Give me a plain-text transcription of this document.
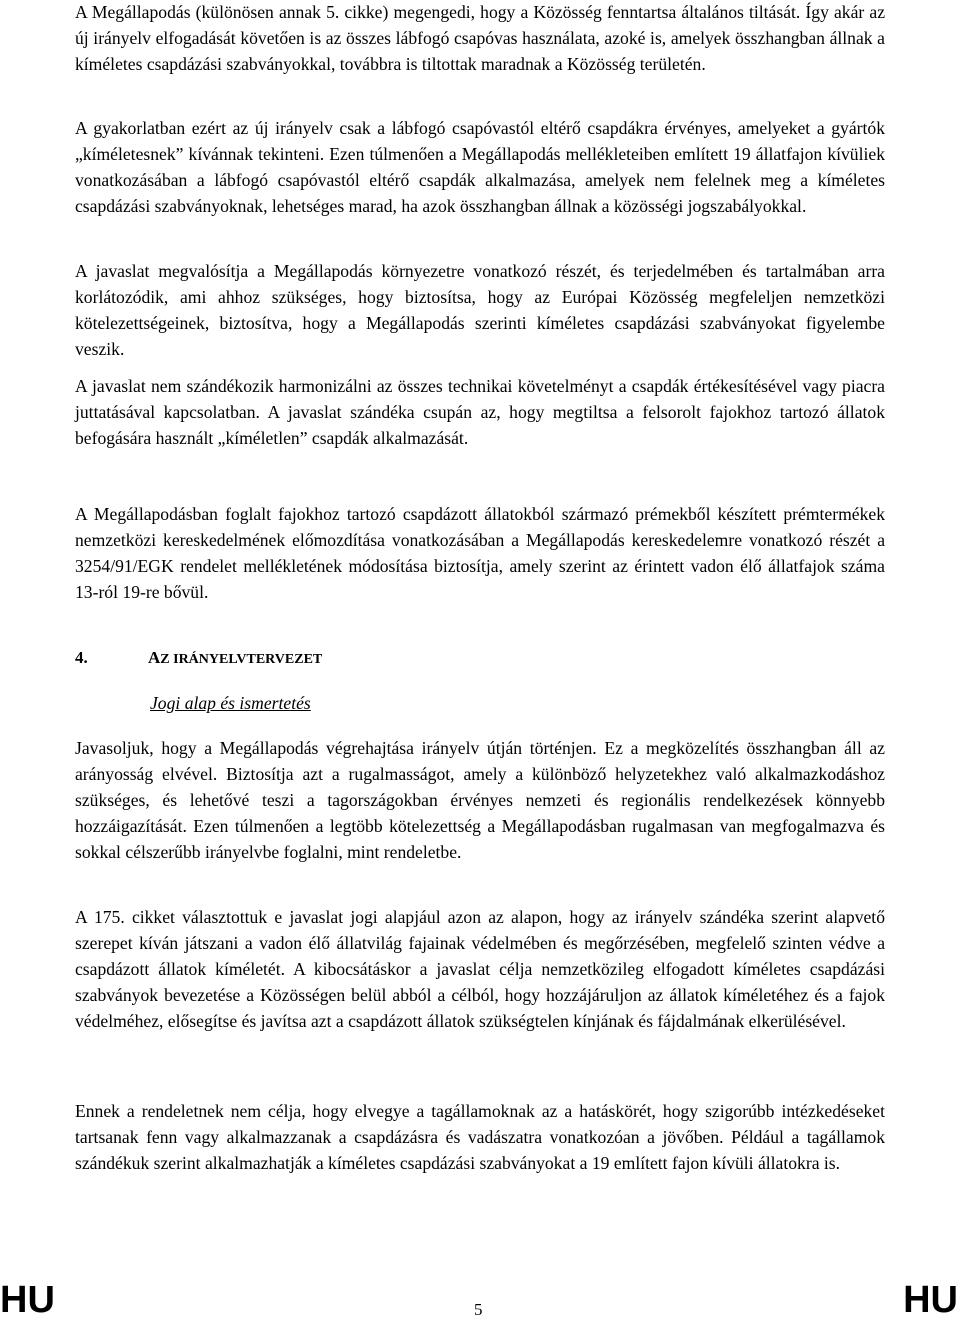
A Megállapodás (különösen annak 5. cikke) megengedi, hogy a Közösség fenntartsa általános tiltását. Így akár az új irányelv elfogadását követően is az összes lábfogó csapóvas használata, azoké is, amelyek összhangban állnak a kíméletes csapdázási szabványokkal, továbbra is tiltottak maradnak a Közösség területén.

A gyakorlatban ezért az új irányelv csak a lábfogó csapóvastól eltérő csapdákra érvényes, amelyeket a gyártók „kíméletesnek” kívánnak tekinteni. Ezen túlmenően a Megállapodás mellékleteiben említett 19 állatfajon kívüliek vonatkozásában a lábfogó csapóvastól eltérő csapdák alkalmazása, amelyek nem felelnek meg a kíméletes csapdázási szabványoknak, lehetséges marad, ha azok összhangban állnak a közösségi jogszabályokkal.

A javaslat megvalósítja a Megállapodás környezetre vonatkozó részét, és terjedelmében és tartalmában arra korlátozódik, ami ahhoz szükséges, hogy biztosítsa, hogy az Európai Közösség megfeleljen nemzetközi kötelezettségeinek, biztosítva, hogy a Megállapodás szerinti kíméletes csapdázási szabványokat figyelembe veszik.

A javaslat nem szándékozik harmonizálni az összes technikai követelményt a csapdák értékesítésével vagy piacra juttatásával kapcsolatban. A javaslat szándéka csupán az, hogy megtiltsa a felsorolt fajokhoz tartozó állatok befogására használt „kíméletlen” csapdák alkalmazását.

A Megállapodásban foglalt fajokhoz tartozó csapdázott állatokból származó prémekből készített prémtermékek nemzetközi kereskedelmének előmozdítása vonatkozásában a Megállapodás kereskedelemre vonatkozó részét a 3254/91/EGK rendelet mellékletének módosítása biztosítja, amely szerint az érintett vadon élő állatfajok száma 13-ról 19-re bővül.

4.	AZ IRÁNYELVTERVEZET
Jogi alap és ismertetés

Javasoljuk, hogy a Megállapodás végrehajtása irányelv útján történjen. Ez a megközelítés összhangban áll az arányosság elvével. Biztosítja azt a rugalmasságot, amely a különböző helyzetekhez való alkalmazkodáshoz szükséges, és lehetővé teszi a tagországokban érvényes nemzeti és regionális rendelkezések könnyebb hozzáigazítását. Ezen túlmenően a legtöbb kötelezettség a Megállapodásban rugalmasan van megfogalmazva és sokkal célszerűbb irányelvbe foglalni, mint rendeletbe.

A 175. cikket választottuk e javaslat jogi alapjául azon az alapon, hogy az irányelv szándéka szerint alapvető szerepet kíván játszani a vadon élő állatvilág fajainak védelmében és megőrzésében, megfelelő szinten védve a csapdázott állatok kíméletét. A kibocsátáskor a javaslat célja nemzetközileg elfogadott kíméletes csapdázási szabványok bevezetése a Közösségen belül abból a célból, hogy hozzájáruljon az állatok kíméletéhez és a fajok védelméhez, elősegítse és javítsa azt a csapdázott állatok szükségtelen kínjának és fájdalmának elkerülésével.

Ennek a rendeletnek nem célja, hogy elvegye a tagállamoknak az a hatáskörét, hogy szigorúbb intézkedéseket tartsanak fenn vagy alkalmazzanak a csapdázásra és vadászatra vonatkozóan a jövőben. Például a tagállamok szándékuk szerint alkalmazhatják a kíméletes csapdázási szabványokat a 19 említett fajon kívüli állatokra is.

HU	5	HU
